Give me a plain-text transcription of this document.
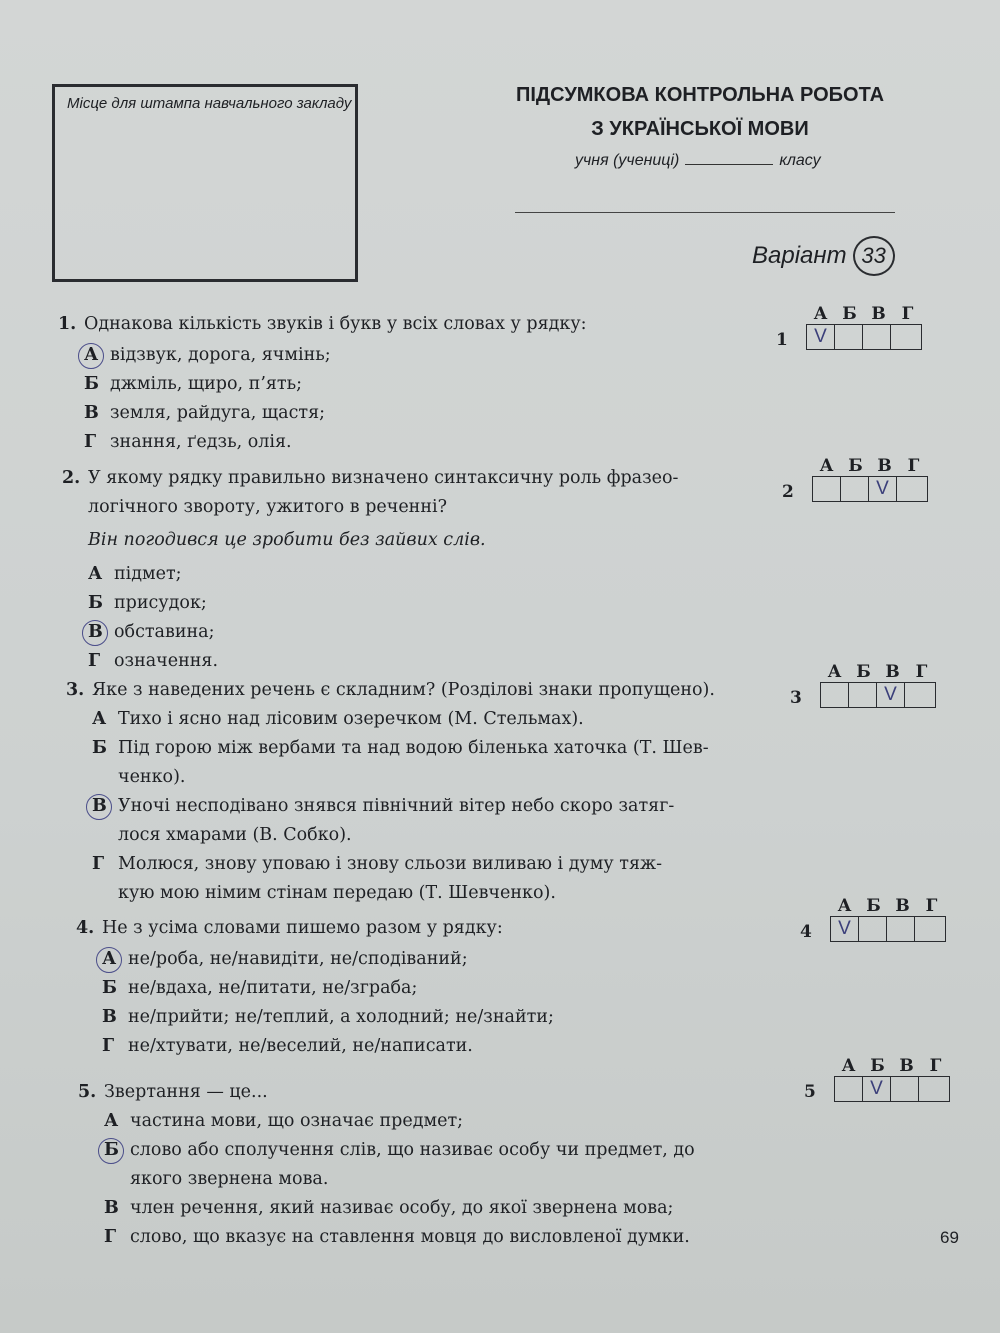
Місце для штампа навчального закладу	ПІДСУМКОВА КОНТРОЛЬНА РОБОТА
З УКРАЇНСЬКОЇ МОВИ
учня (учениці)	класу
Варіант 33
1. Однакова кількість звуків і букв у всіх словах у рядку:
А відзвук, дорога, ячмінь;
Б джміль, щиро, п’ять;
В земля, райдуга, щастя;
Г знання, ґедзь, олія.
1
А Б В Г
V
2. У якому рядку правильно визначено синтаксичну роль фразео-
логічного звороту, ужитого в реченні?
Він погодився це зробити без зайвих слів.
А підмет;
Б присудок;
В обставина;
Г означення.
2
А Б В Г
V
3. Яке з наведених речень є складним? (Розділові знаки пропущено).
А Тихо і ясно над лісовим озеречком (М. Стельмах).
Б Під горою між вербами та над водою біленька хаточка (Т. Шев-
ченко).
В Уночі несподівано знявся північний вітер небо скоро затяг-
лося хмарами (В. Собко).
Г Молюся, знову уповаю і знову сльози виливаю і думу тяж-
кую мою німим стінам передаю (Т. Шевченко).
3
А Б В Г
V
4. Не з усіма словами пишемо разом у рядку:
А не/роба, не/навидіти, не/сподіваний;
Б не/вдаха, не/питати, не/зграба;
В не/прийти; не/теплий, а холодний; не/знайти;
Г не/хтувати, не/веселий, не/написати.
4
А Б В Г
V
5. Звертання — це...
А частина мови, що означає предмет;
Б слово або сполучення слів, що називає особу чи предмет, до
якого звернена мова.
В член речення, який називає особу, до якої звернена мова;
Г слово, що вказує на ставлення мовця до висловленої думки.
5
А Б В Г
V
69
